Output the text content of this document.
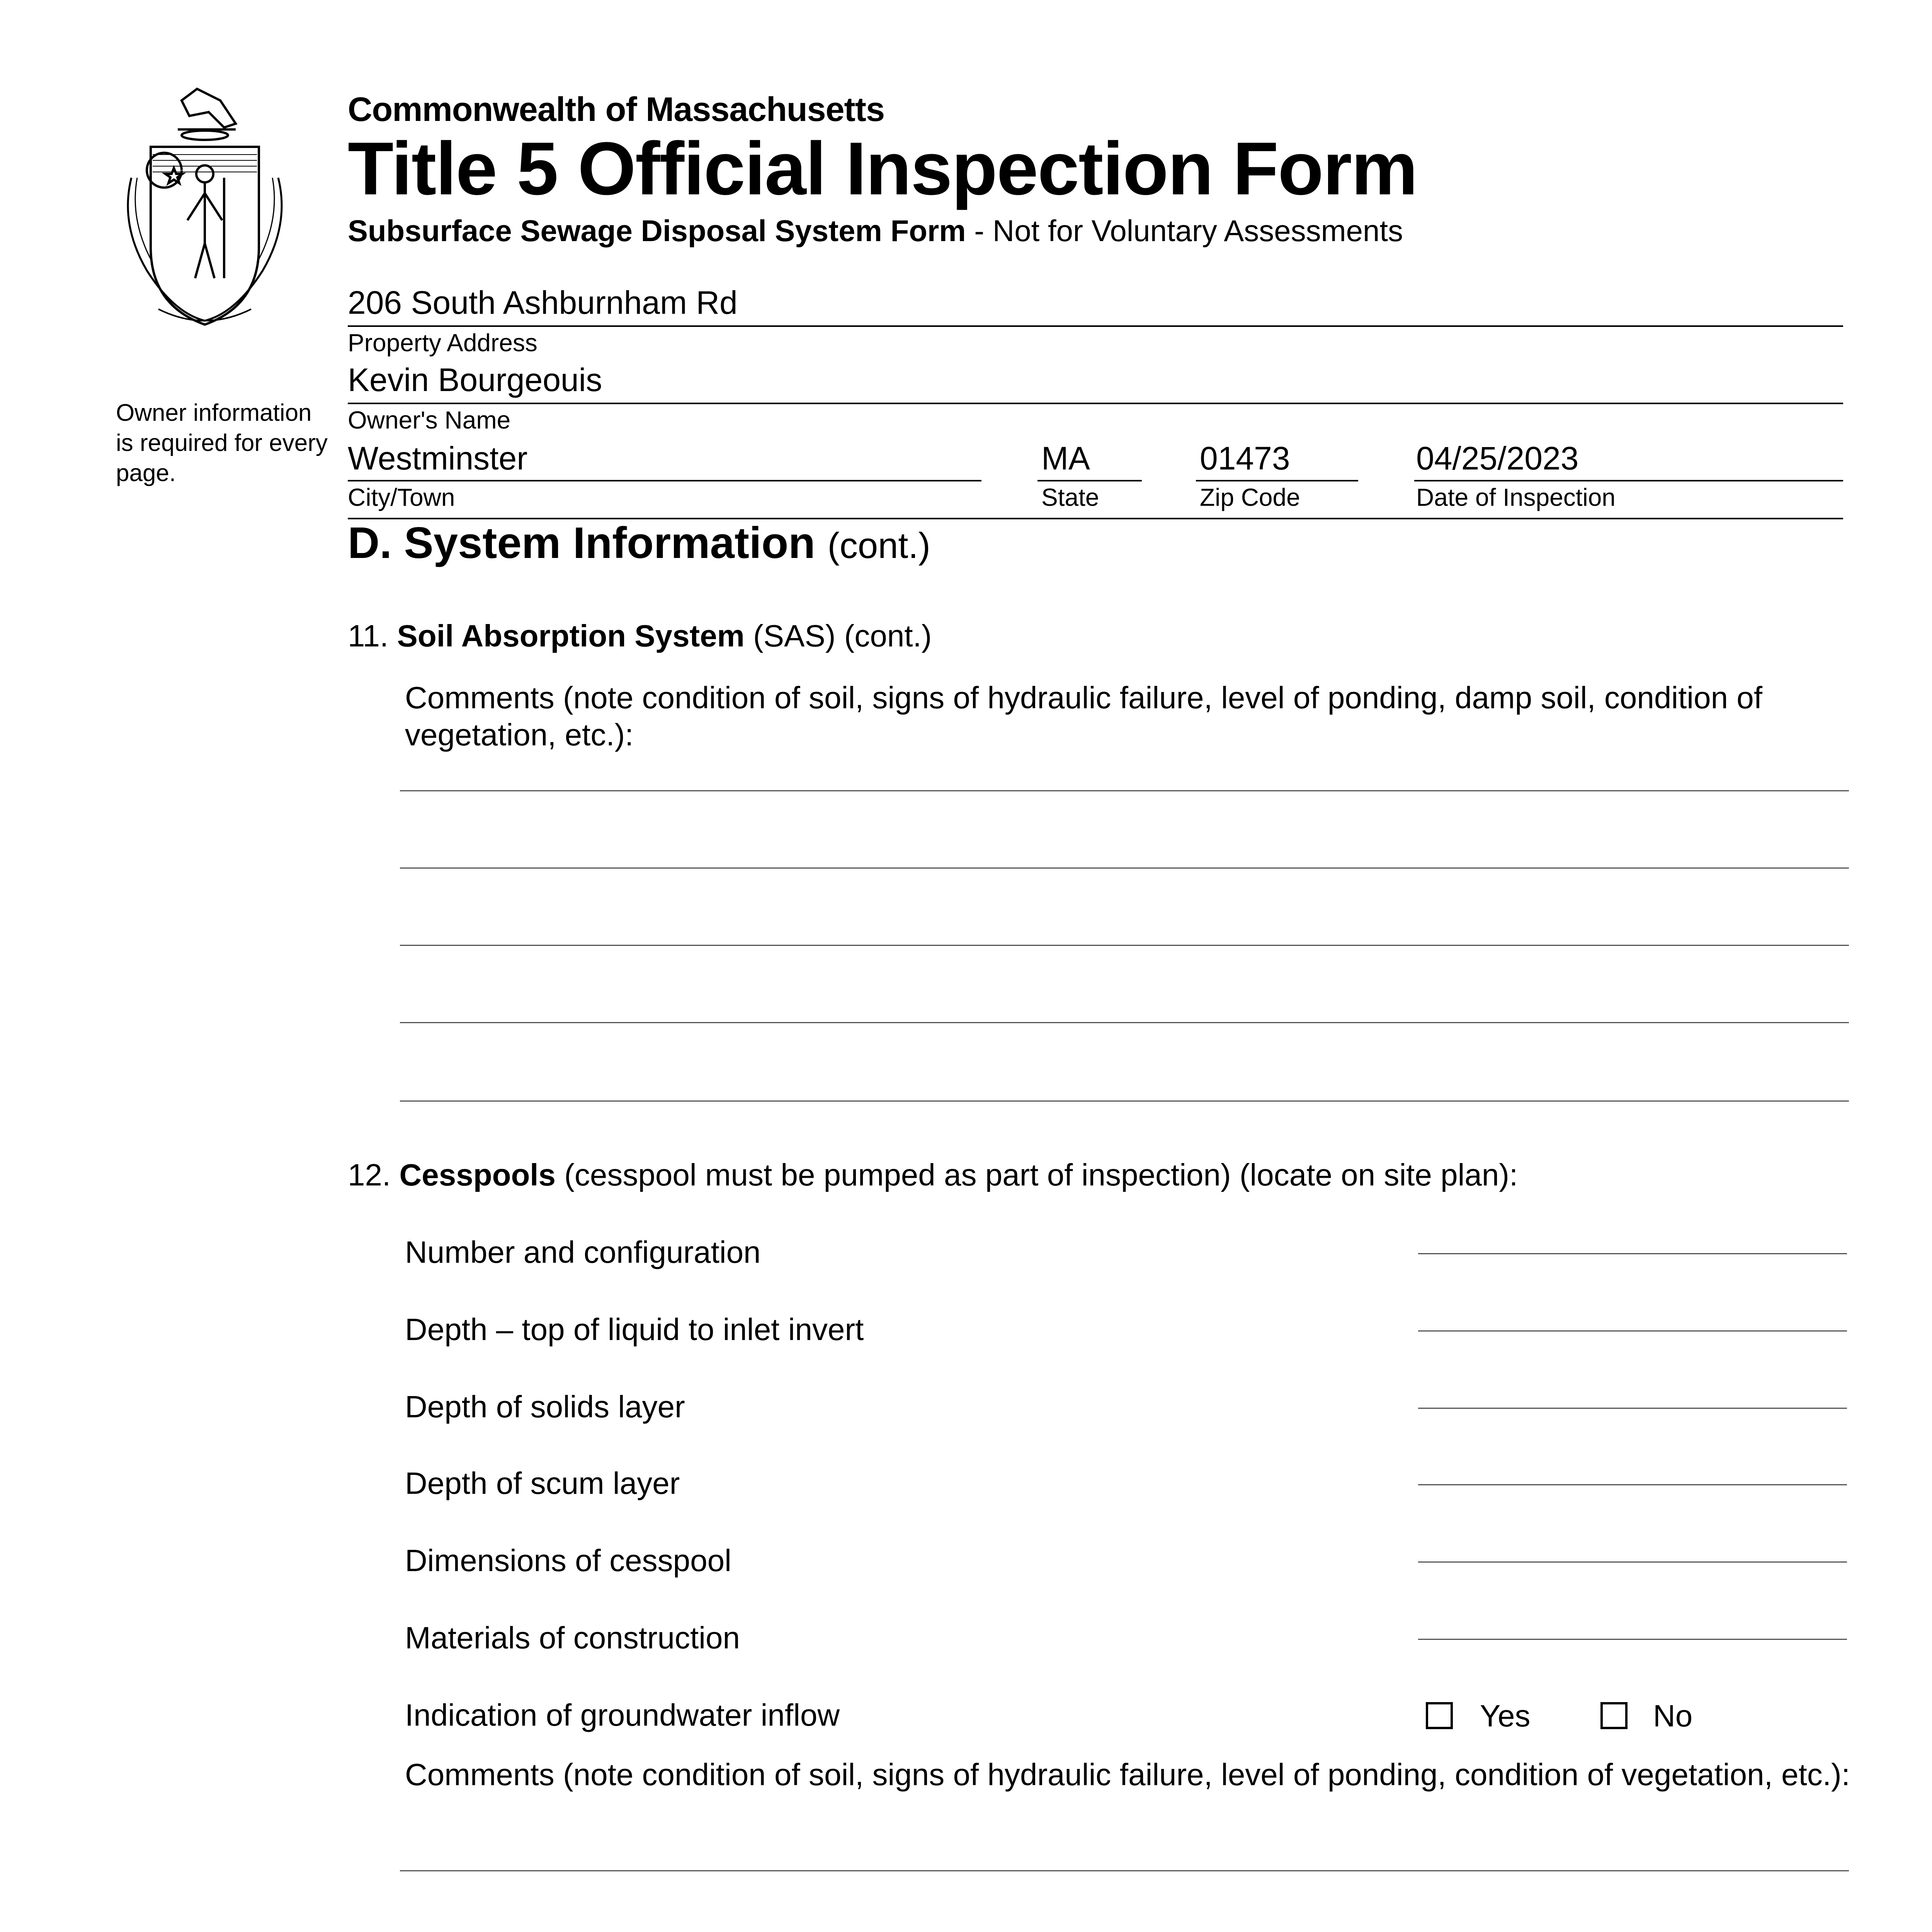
Commonwealth of Massachusetts
Title 5 Official Inspection Form
Subsurface Sewage Disposal System Form - Not for Voluntary Assessments
Owner information is required for every page.
206 South Ashburnham Rd
Property Address
Kevin Bourgeouis
Owner's Name
Westminster
City/Town
MA
State
01473
Zip Code
04/25/2023
Date of Inspection
D. System Information (cont.)
11. Soil Absorption System (SAS) (cont.)
Comments (note condition of soil, signs of hydraulic failure, level of ponding, damp soil, condition of vegetation, etc.):
12. Cesspools (cesspool must be pumped as part of inspection) (locate on site plan):
Number and configuration
Depth – top of liquid to inlet invert
Depth of solids layer
Depth of scum layer
Dimensions of cesspool
Materials of construction
Indication of groundwater inflow	Yes	No
Comments (note condition of soil, signs of hydraulic failure, level of ponding, condition of vegetation, etc.):
